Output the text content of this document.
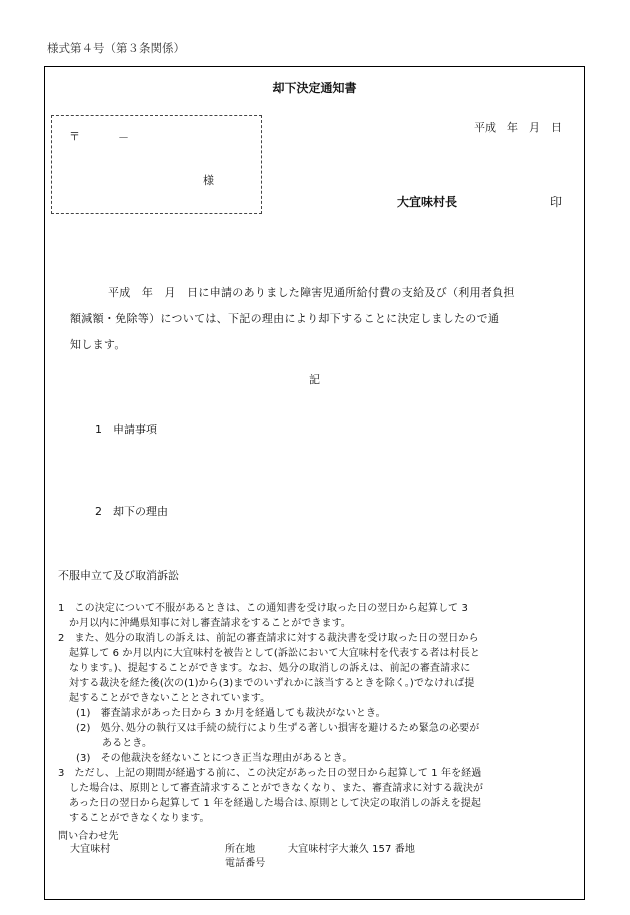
様式第４号（第３条関係）
却下決定通知書
〒	－
様
平成　年　月　日
大宜味村長	印
平成　年　月　日に申請のありました障害児通所給付費の支給及び（利用者負担
額減額・免除等）については、下記の理由により却下することに決定しましたので通
知します。
記
1　申請事項
2　却下の理由
不服申立て及び取消訴訟
1　この決定について不服があるときは、この通知書を受け取った日の翌日から起算して 3
か月以内に沖縄県知事に対し審査請求をすることができます。
2　また、処分の取消しの訴えは、前記の審査請求に対する裁決書を受け取った日の翌日から
起算して 6 か月以内に大宜味村を被告として(訴訟において大宜味村を代表する者は村長と
なります。)、提起することができます。なお、処分の取消しの訴えは、前記の審査請求に
対する裁決を経た後(次の(1)から(3)までのいずれかに該当するときを除く。)でなければ提
起することができないこととされています。
(1)　審査請求があった日から 3 か月を経過しても裁決がないとき。
(2)　処分､処分の執行又は手続の続行により生ずる著しい損害を避けるため緊急の必要が
あるとき。
(3)　その他裁決を経ないことにつき正当な理由があるとき。
3　ただし、上記の期間が経過する前に、この決定があった日の翌日から起算して 1 年を経過
した場合は、原則として審査請求することができなくなり、また、審査請求に対する裁決が
あった日の翌日から起算して 1 年を経過した場合は､原則として決定の取消しの訴えを提起
することができなくなります。
問い合わせ先
大宜味村	所在地	大宜味村字大兼久 157 番地
電話番号
